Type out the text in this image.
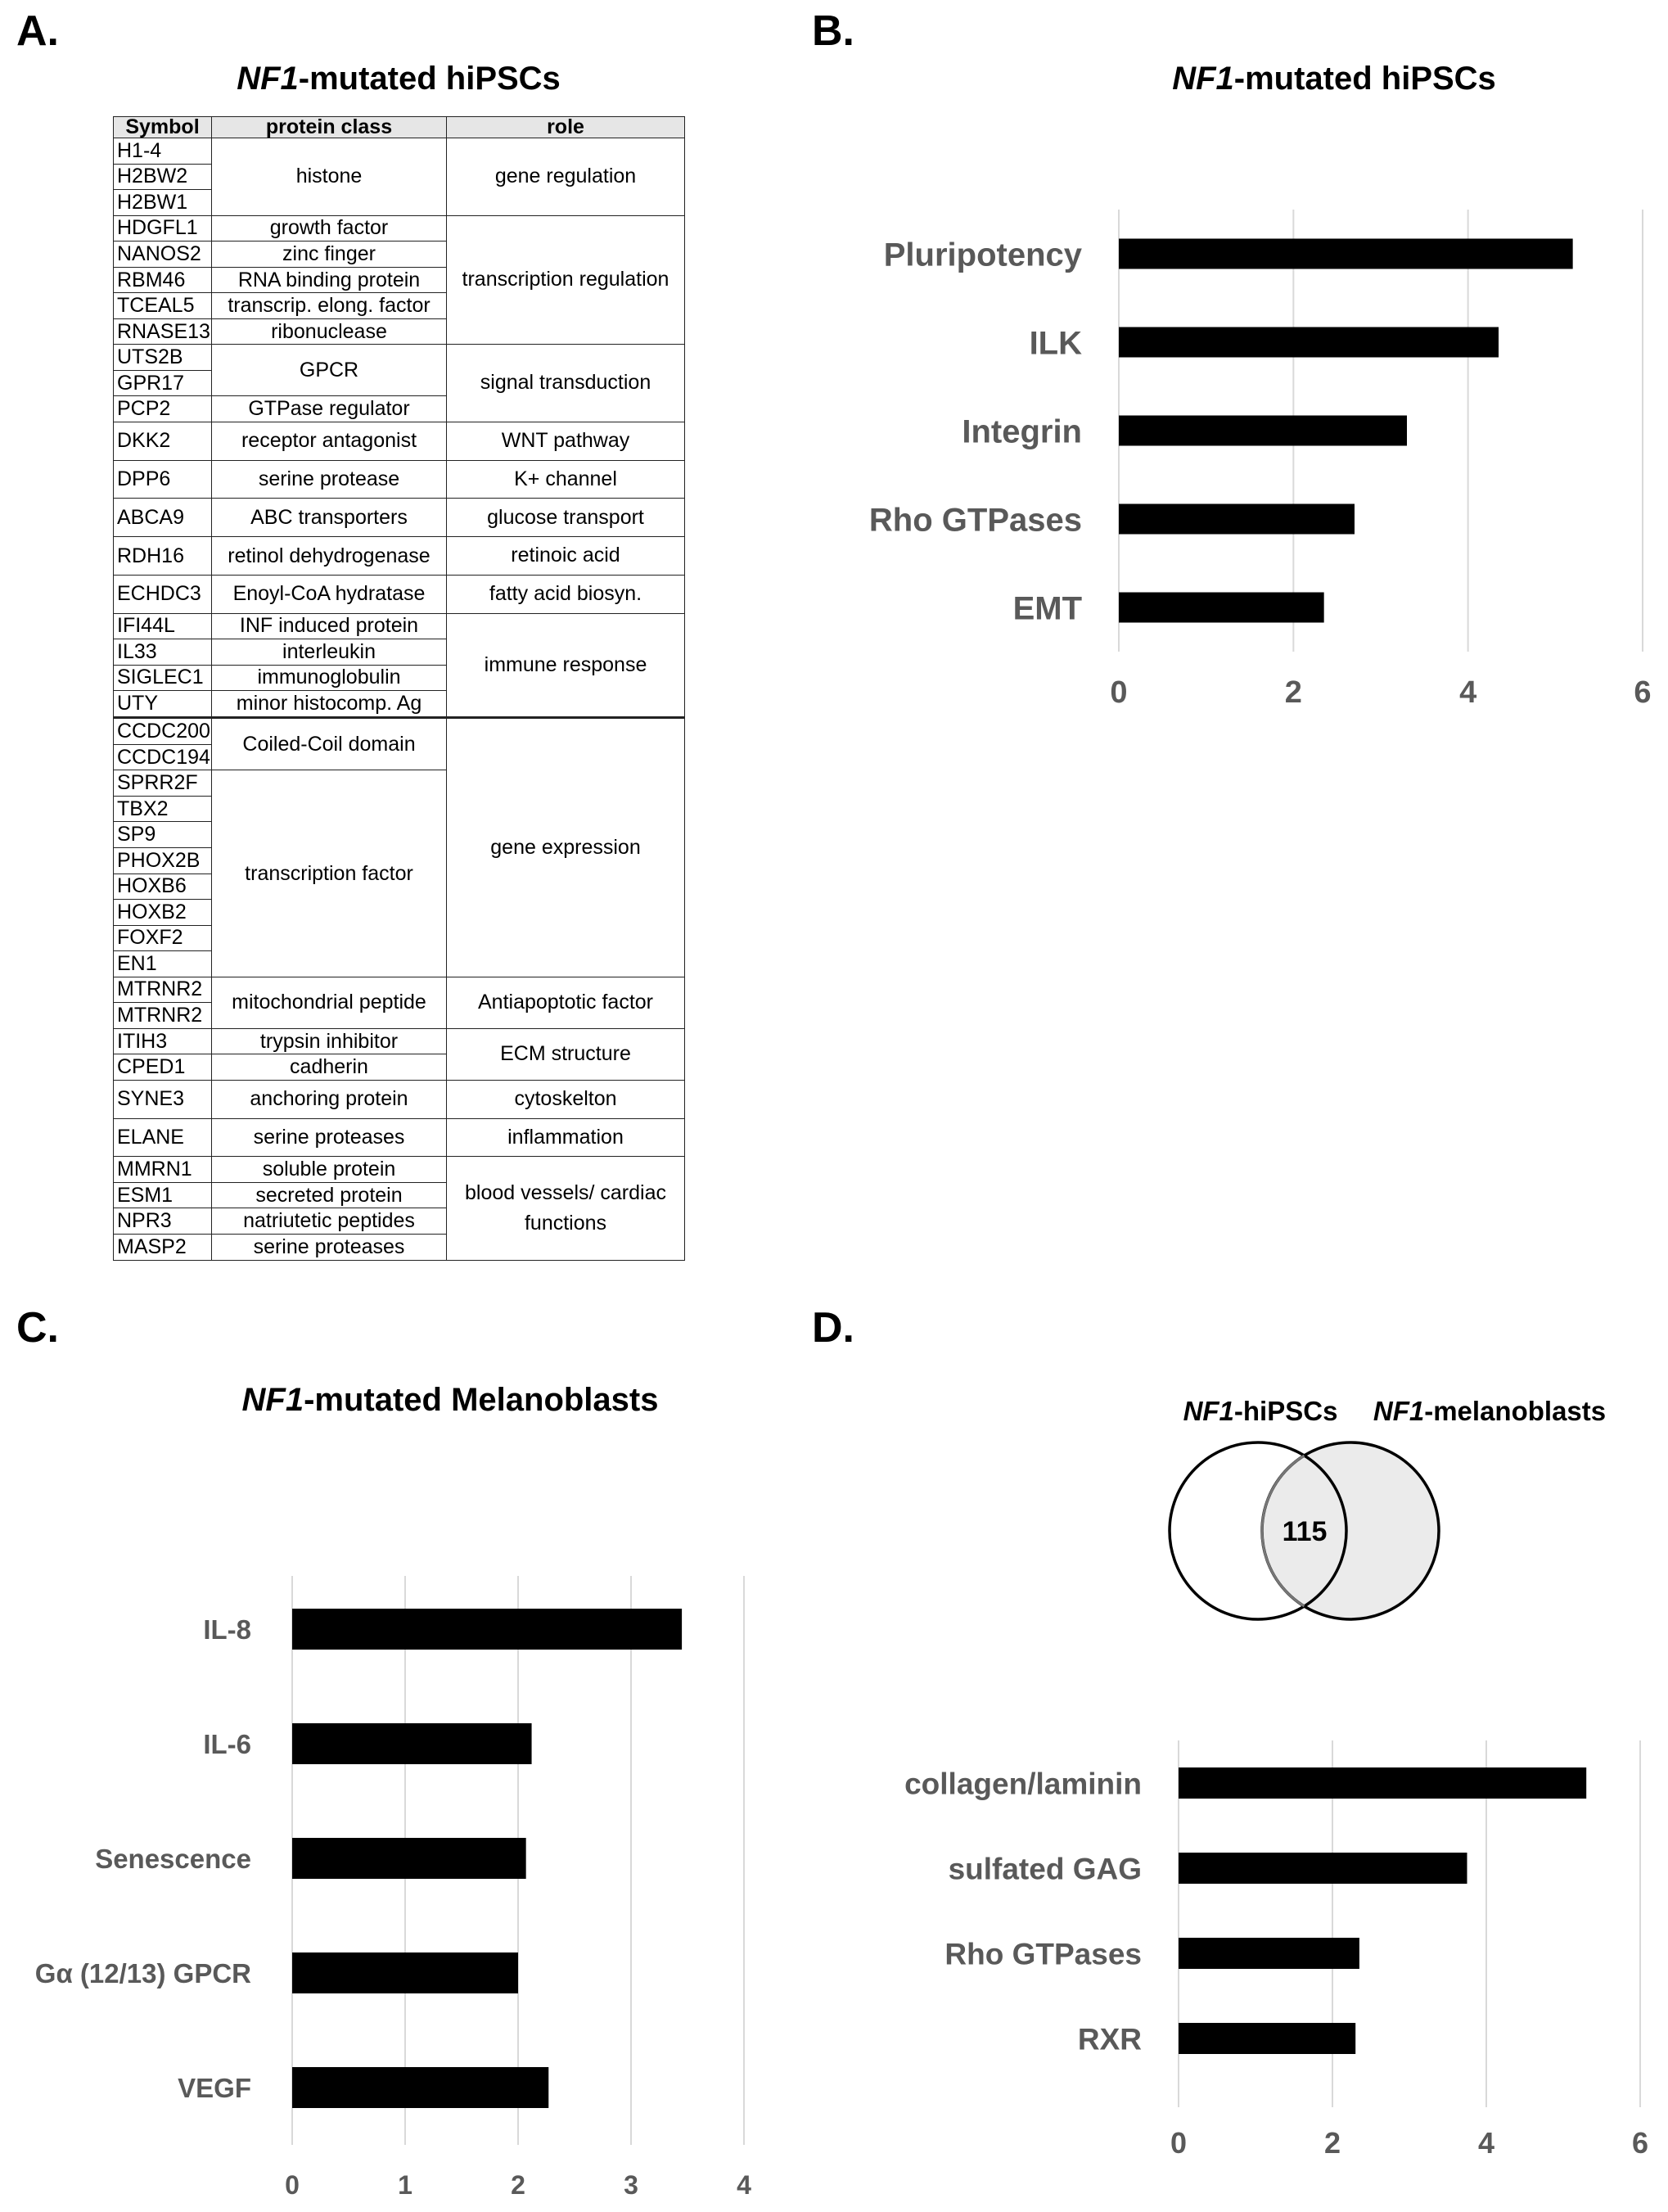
A.	B.
C.	D.
NF1-mutated hiPSCs	NF1-mutated hiPSCs
NF1-mutated Melanoblasts
Symbol	protein class	role
H1-4	histone	gene regulation
H2BW2		
H2BW1		
HDGFL1	growth factor	transcription regulation
NANOS2	zinc finger	
RBM46	RNA binding protein	
TCEAL5	transcrip. elong. factor	
RNASE13	ribonuclease	
UTS2B	GPCR	signal transduction
GPR17		
PCP2	GTPase regulator	
DKK2	receptor antagonist	WNT pathway
DPP6	serine protease	K+ channel
ABCA9	ABC transporters	glucose transport
RDH16	retinol dehydrogenase	retinoic acid
ECHDC3	Enoyl-CoA hydratase	fatty acid biosyn.
IFI44L	INF induced protein	immune response
IL33	interleukin	
SIGLEC1	immunoglobulin	
UTY	minor histocomp. Ag	
CCDC200	Coiled-Coil domain	gene expression
CCDC194		
SPRR2F	transcription factor	
TBX2		
SP9		
PHOX2B		
HOXB6		
HOXB2		
FOXF2		
EN1		
MTRNR2	mitochondrial peptide	Antiapoptotic factor
MTRNR2		
ITIH3	trypsin inhibitor	ECM structure
CPED1	cadherin	
SYNE3	anchoring protein	cytoskelton
ELANE	serine proteases	inflammation
MMRN1	soluble protein	blood vessels/ cardiac functions
ESM1	secreted protein	
NPR3	natriutetic peptides	
MASP2	serine proteases	
0	2	4	6
Pluripotency
ILK
Integrin
Rho GTPases
EMT
0	1	2	3	4
IL-8
IL-6
Senescence
Gα (12/13) GPCR
VEGF
NF1-hiPSCs NF1-melanoblasts
115
0	2	4	6
collagen/laminin
sulfated GAG
Rho GTPases
RXR
